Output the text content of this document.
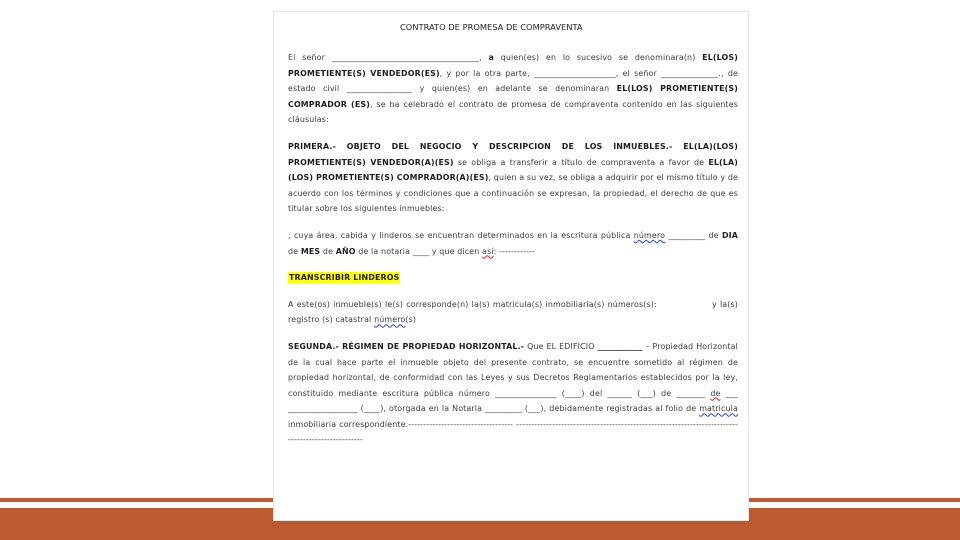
CONTRATO DE PROMESA DE COMPRAVENTA

El señor ____________________________________, a quien(es) en lo sucesivo se denominara(n) EL(LOS) PROMETIENTE(S) VENDEDOR(ES), y por la otra parte, ____________________, el señor ______________., de estado civil ________________ y quien(es) en adelante se denominaran EL(LOS) PROMETIENTE(S) COMPRADOR (ES), se ha celebrado el contrato de promesa de compraventa contenido en las siguientes cláusulas:

PRIMERA.- OBJETO DEL NEGOCIO Y DESCRIPCION DE LOS INMUEBLES.- EL(LA)(LOS) PROMETIENTE(S) VENDEDOR(A)(ES) se obliga a transferir a título de compraventa a favor de EL(LA)(LOS) PROMETIENTE(S) COMPRADOR(A)(ES), quien a su vez, se obliga a adquirir por el mismo título y de acuerdo con los términos y condiciones que a continuación se expresan, la propiedad, el derecho de que es titular sobre los siguientes inmuebles:

, cuya área, cabida y linderos se encuentran determinados en la escritura pública número _________ de DIA de MES de AÑO de la notaria ____ y que dicen así: ------------

TRANSCRIBIR LINDEROS

A este(os) inmueble(s) le(s) corresponde(n) la(s) matricula(s) inmobiliaria(s) números(s):	y la(s) registro (s) catastral número(s)

SEGUNDA.- RÉGIMEN DE PROPIEDAD HORIZONTAL.- Que EL EDIFICIO ___________ – Propiedad Horizontal de la cual hace parte el inmueble objeto del presente contrato, se encuentre sometido al régimen de propiedad horizontal, de conformidad con las Leyes y sus Decretos Reglamentarios establecidos por la ley, constituido mediante escritura pública número _______________ (____) del ______ (___) de _______ de ___ _________________ (____), otorgada en la Notaria _________ (___), debidamente registradas al folio de matricula inmobiliaria correspondiente.----------------------------------- ---------------------------------------------------------------------------------------------------
